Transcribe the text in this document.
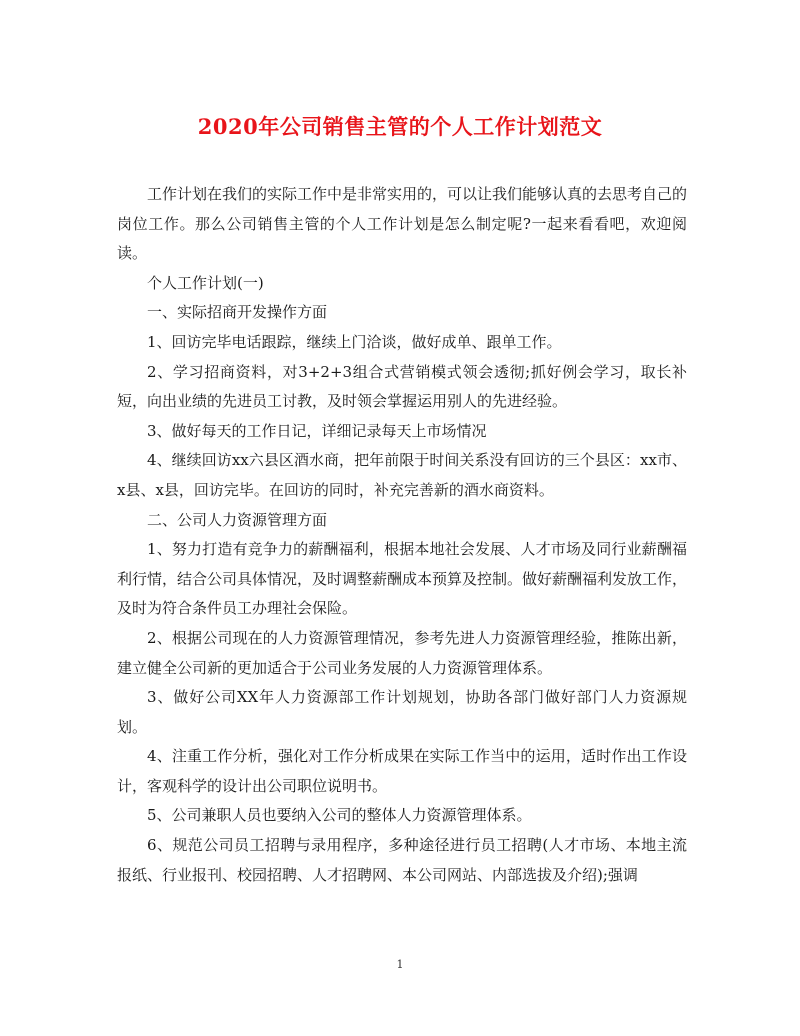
2020年公司销售主管的个人工作计划范文

工作计划在我们的实际工作中是非常实用的，可以让我们能够认真的去思考自己的岗位工作。那么公司销售主管的个人工作计划是怎么制定呢?一起来看看吧，欢迎阅读。

个人工作计划(一)

一、实际招商开发操作方面

1、回访完毕电话跟踪，继续上门洽谈，做好成单、跟单工作。

2、学习招商资料，对3+2+3组合式营销模式领会透彻;抓好例会学习，取长补短，向出业绩的先进员工讨教，及时领会掌握运用别人的先进经验。

3、做好每天的工作日记，详细记录每天上市场情况

4、继续回访xx六县区酒水商，把年前限于时间关系没有回访的三个县区：xx市、x县、x县，回访完毕。在回访的同时，补充完善新的酒水商资料。

二、公司人力资源管理方面

1、努力打造有竞争力的薪酬福利，根据本地社会发展、人才市场及同行业薪酬福利行情，结合公司具体情况，及时调整薪酬成本预算及控制。做好薪酬福利发放工作，及时为符合条件员工办理社会保险。

2、根据公司现在的人力资源管理情况，参考先进人力资源管理经验，推陈出新，建立健全公司新的更加适合于公司业务发展的人力资源管理体系。

3、做好公司XX年人力资源部工作计划规划，协助各部门做好部门人力资源规划。

4、注重工作分析，强化对工作分析成果在实际工作当中的运用，适时作出工作设计，客观科学的设计出公司职位说明书。

5、公司兼职人员也要纳入公司的整体人力资源管理体系。

6、规范公司员工招聘与录用程序，多种途径进行员工招聘(人才市场、本地主流报纸、行业报刊、校园招聘、人才招聘网、本公司网站、内部选拔及介绍);强调

1
